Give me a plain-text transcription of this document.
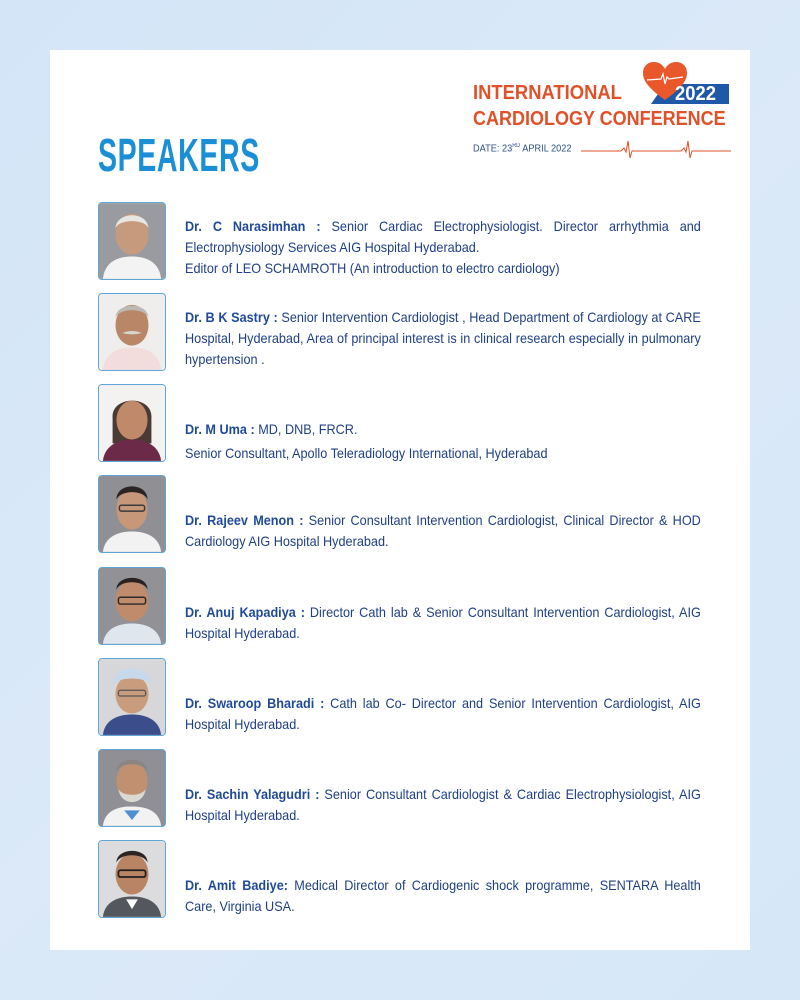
INTERNATIONAL	2022
CARDIOLOGY CONFERENCE
DATE: 23RD APRIL 2022
SPEAKERS
Dr. C Narasimhan : Senior Cardiac Electrophysiologist. Director arrhythmia and Electrophysiology Services AIG Hospital Hyderabad.
Editor of LEO SCHAMROTH (An introduction to electro cardiology)
Dr. B K Sastry : Senior Intervention Cardiologist , Head Department of Cardiology at CARE Hospital, Hyderabad, Area of principal interest is in clinical research especially in pulmonary hypertension .
Dr. M Uma : MD, DNB, FRCR.
Senior Consultant, Apollo Teleradiology International, Hyderabad
Dr. Rajeev Menon : Senior Consultant Intervention Cardiologist, Clinical Director & HOD Cardiology AIG Hospital Hyderabad.
Dr. Anuj Kapadiya : Director Cath lab & Senior Consultant Intervention Cardiologist, AIG Hospital Hyderabad.
Dr. Swaroop Bharadi : Cath lab Co- Director and Senior Intervention Cardiologist, AIG Hospital Hyderabad.
Dr. Sachin Yalagudri : Senior Consultant Cardiologist & Cardiac Electrophysiologist, AIG Hospital Hyderabad.
Dr. Amit Badiye: Medical Director of Cardiogenic shock programme, SENTARA Health Care, Virginia USA.
